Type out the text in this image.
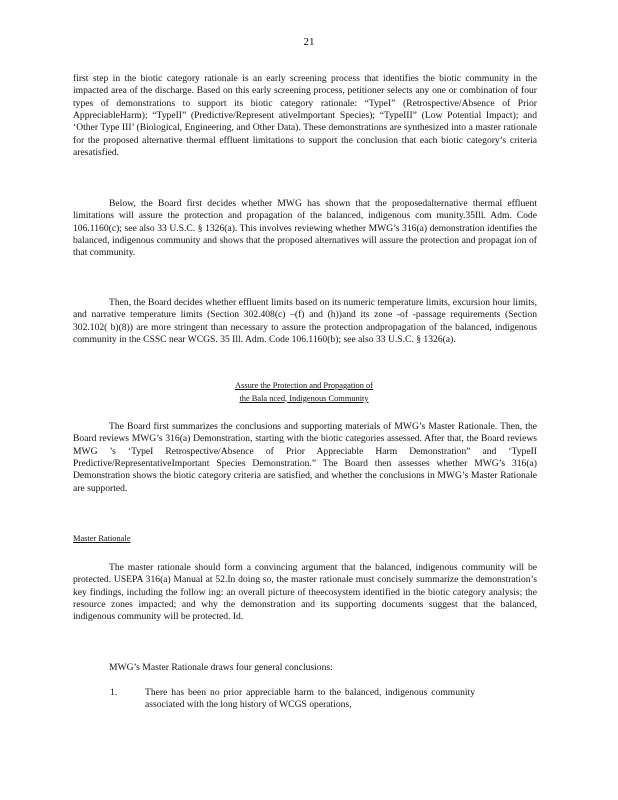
21

first step in the biotic category rationale is an early screening process that identifies the biotic community in the impacted area of the discharge. Based on this early screening process, petitioner selects any one or combination of four types of demonstrations to support its biotic category rationale: “TypeI” (Retrospective/Absence of Prior AppreciableHarm); “TypeII” (Predictive/Represent ativeImportant Species); “TypeIII” (Low Potential Impact); and ‘Other Type III’ (Biological, Engineering, and Other Data). These demonstrations are synthesized into a master rationale for the proposed alternative thermal effluent limitations to support the conclusion that each biotic category’s criteria aresatisfied.

Below, the Board first decides whether MWG has shown that the proposedalternative thermal effluent limitations will assure the protection and propagation of the balanced, indigenous com munity.35Ill. Adm. Code 106.1160(c); see also 33 U.S.C. § 1326(a). This involves reviewing whether MWG’s 316(a) demonstration identifies the balanced, indigenous community and shows that the proposed alternatives will assure the protection and propagat ion of that community.

Then, the Board decides whether effluent limits based on its numeric temperature limits, excursion hour limits, and narrative temperature limits (Section 302.408(c) –(f) and (h))and its zone -of -passage requirements (Section 302.102( b)(8)) are more stringent than necessary to assure the protection andpropagation of the balanced, indigenous community in the CSSC near WCGS. 35 Ill. Adm. Code 106.1160(b); see also 33 U.S.C. § 1326(a).

Assure the Protection and Propagation of
the Bala nced, Indigenous Community

The Board first summarizes the conclusions and supporting materials of MWG’s Master Rationale. Then, the Board reviews MWG’s 316(a) Demonstration, starting with the biotic categories assessed. After that, the Board reviews MWG ’s ‘TypeI Retrospective/Absence of Prior Appreciable Harm Demonstration” and ‘TypeII Predictive/RepresentativeImportant Species Demonstration.” The Board then assesses whether MWG’s 316(a) Demonstration shows the biotic category criteria are satisfied, and whether the conclusions in MWG’s Master Rationale are supported.

Master Rationale

The master rationale should form a convincing argument that the balanced, indigenous community will be protected. USEPA 316(a) Manual at 52.In doing so, the master rationale must concisely summarize the demonstration’s key findings, including the follow ing: an overall picture of theecosystem identified in the biotic category analysis; the resource zones impacted; and why the demonstration and its supporting documents suggest that the balanced, indigenous community will be protected. Id.

MWG’s Master Rationale draws four general conclusions:

1.	There has been no prior appreciable harm to the balanced, indigenous community associated with the long history of WCGS operations,
